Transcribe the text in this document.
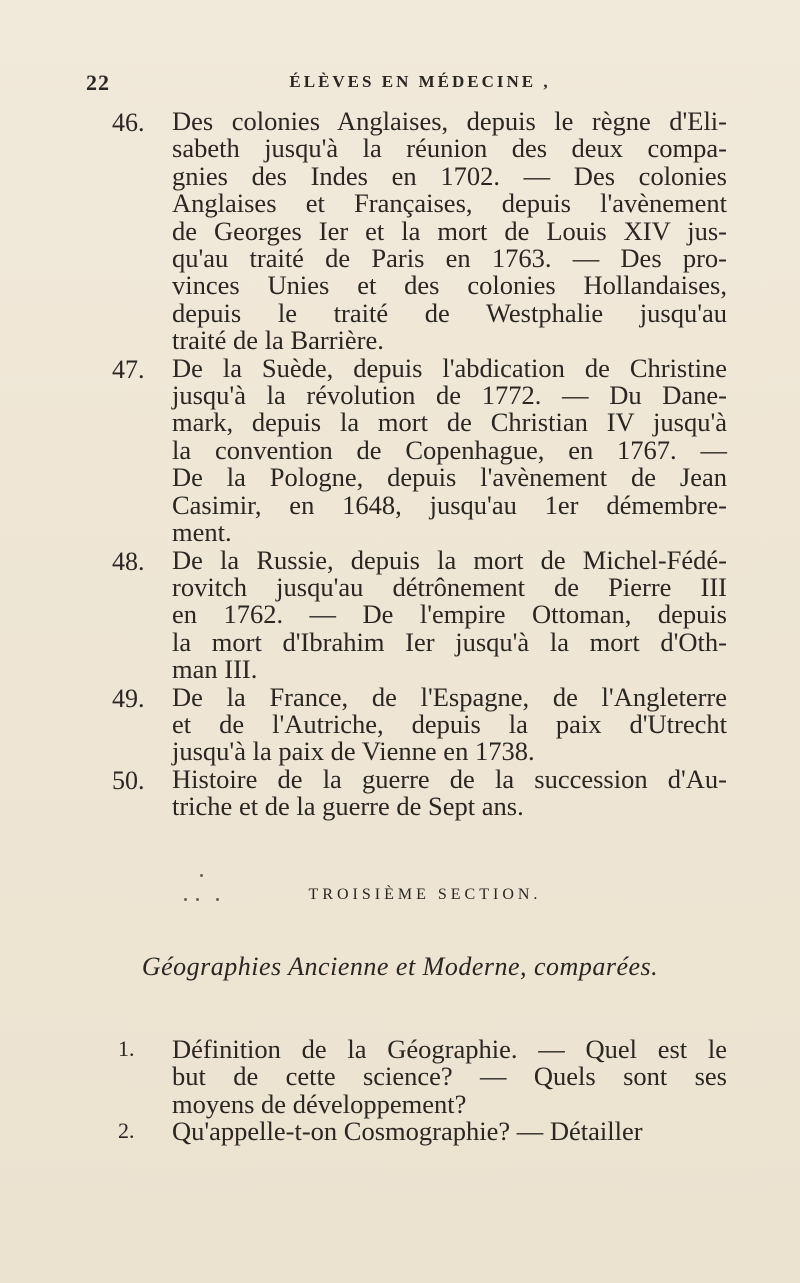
22	ÉLÈVES EN MÉDECINE ,
46. Des colonies Anglaises, depuis le règne d'Eli-
sabeth jusqu'à la réunion des deux compa-
gnies des Indes en 1702. — Des colonies
Anglaises et Françaises, depuis l'avènement
de Georges Ier et la mort de Louis XIV jus-
qu'au traité de Paris en 1763. — Des pro-
vinces Unies et des colonies Hollandaises,
depuis le traité de Westphalie jusqu'au
traité de la Barrière.
47. De la Suède, depuis l'abdication de Christine
jusqu'à la révolution de 1772. — Du Dane-
mark, depuis la mort de Christian IV jusqu'à
la convention de Copenhague, en 1767. —
De la Pologne, depuis l'avènement de Jean
Casimir, en 1648, jusqu'au 1er démembre-
ment.
48. De la Russie, depuis la mort de Michel-Fédé-
rovitch jusqu'au détrônement de Pierre III
en 1762. — De l'empire Ottoman, depuis
la mort d'Ibrahim Ier jusqu'à la mort d'Oth-
man III.
49. De la France, de l'Espagne, de l'Angleterre
et de l'Autriche, depuis la paix d'Utrecht
jusqu'à la paix de Vienne en 1738.
50. Histoire de la guerre de la succession d'Au-
triche et de la guerre de Sept ans.
TROISIÈME SECTION.
Géographies Ancienne et Moderne, comparées.
1. Définition de la Géographie. — Quel est le
but de cette science? — Quels sont ses
moyens de développement?
2. Qu'appelle-t-on Cosmographie? — Détailler
